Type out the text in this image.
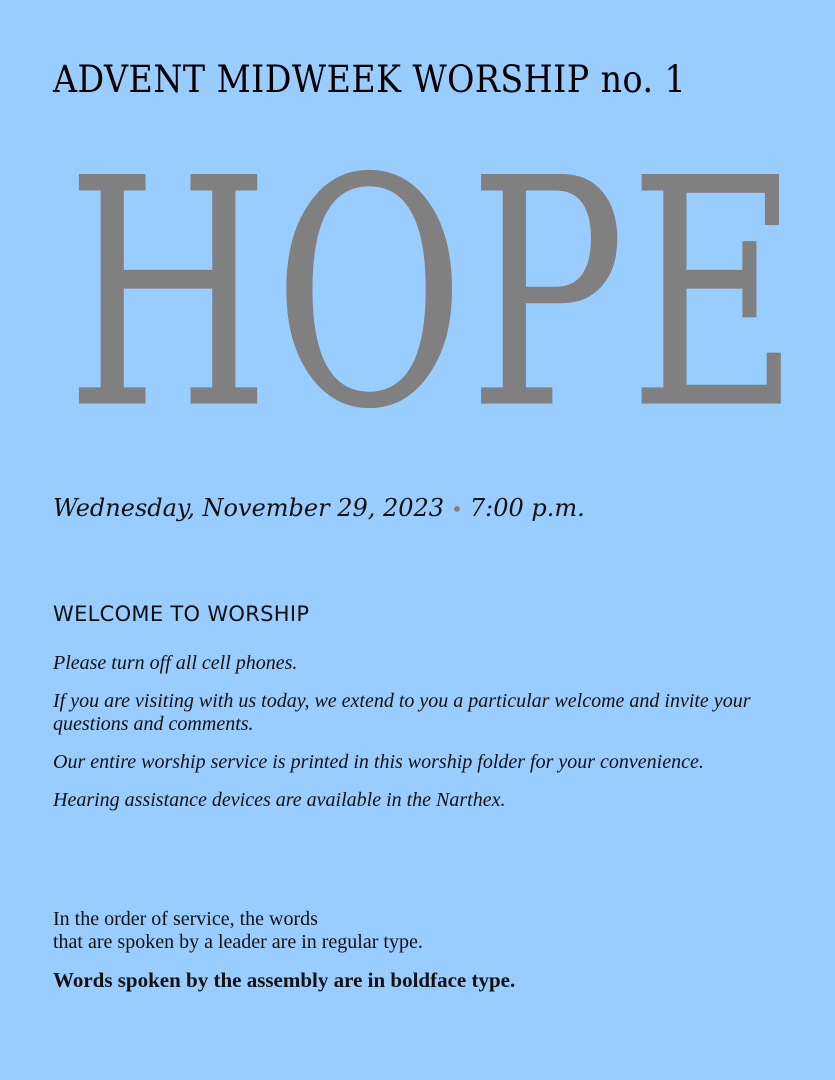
ADVENT MIDWEEK WORSHIP no. 1
HOPE

Wednesday, November 29, 2023 • 7:00 p.m.

WELCOME TO WORSHIP
Please turn off all cell phones.
If you are visiting with us today, we extend to you a particular welcome and invite your questions and comments.
Our entire worship service is printed in this worship folder for your convenience.
Hearing assistance devices are available in the Narthex.

In the order of service, the words
that are spoken by a leader are in regular type.

Words spoken by the assembly are in boldface type.
